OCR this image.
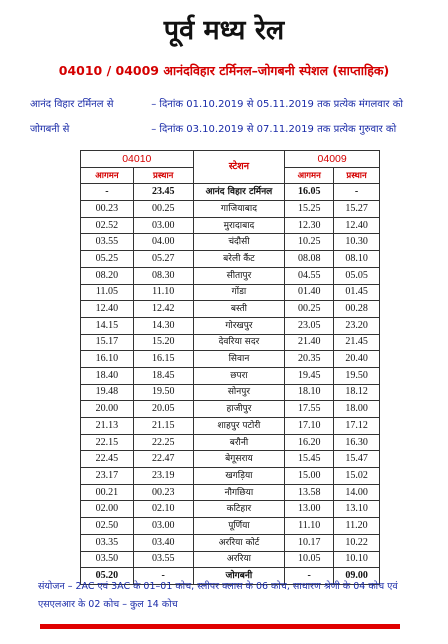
पूर्व मध्य रेल
04010 / 04009 आनंदविहार टर्मिनल–जोगबनी स्पेशल (साप्ताहिक)
आनंद विहार टर्मिनल से	– दिनांक 01.10.2019 से 05.11.2019 तक प्रत्येक मंगलवार को
जोगबनी से	– दिनांक 03.10.2019 से 07.11.2019 तक प्रत्येक गुरुवार को
04010		स्टेशन	04009	
आगमन	प्रस्थान		आगमन	प्रस्थान
-	23.45	आनंद विहार टर्मिनल	16.05	-
00.23	00.25	गाजियाबाद	15.25	15.27
02.52	03.00	मुरादाबाद	12.30	12.40
03.55	04.00	चंदौसी	10.25	10.30
05.25	05.27	बरेली कैंट	08.08	08.10
08.20	08.30	सीतापुर	04.55	05.05
11.05	11.10	गोंडा	01.40	01.45
12.40	12.42	बस्ती	00.25	00.28
14.15	14.30	गोरखपुर	23.05	23.20
15.17	15.20	देवरिया सदर	21.40	21.45
16.10	16.15	सिवान	20.35	20.40
18.40	18.45	छपरा	19.45	19.50
19.48	19.50	सोनपुर	18.10	18.12
20.00	20.05	हाजीपुर	17.55	18.00
21.13	21.15	शाहपुर पटोरी	17.10	17.12
22.15	22.25	बरौनी	16.20	16.30
22.45	22.47	बेगूसराय	15.45	15.47
23.17	23.19	खगड़िया	15.00	15.02
00.21	00.23	नौगछिया	13.58	14.00
02.00	02.10	कटिहार	13.00	13.10
02.50	03.00	पूर्णिया	11.10	11.20
03.35	03.40	अररिया कोर्ट	10.17	10.22
03.50	03.55	अररिया	10.05	10.10
05.20	-	जोगबनी	-	09.00
संयोजन – 2AC एवं 3AC के 01–01 कोच, स्लीपर क्लास के 06 कोच, साधारण श्रेणी के 04 कोच एवं एसएलआर के 02 कोच – कुल 14 कोच
